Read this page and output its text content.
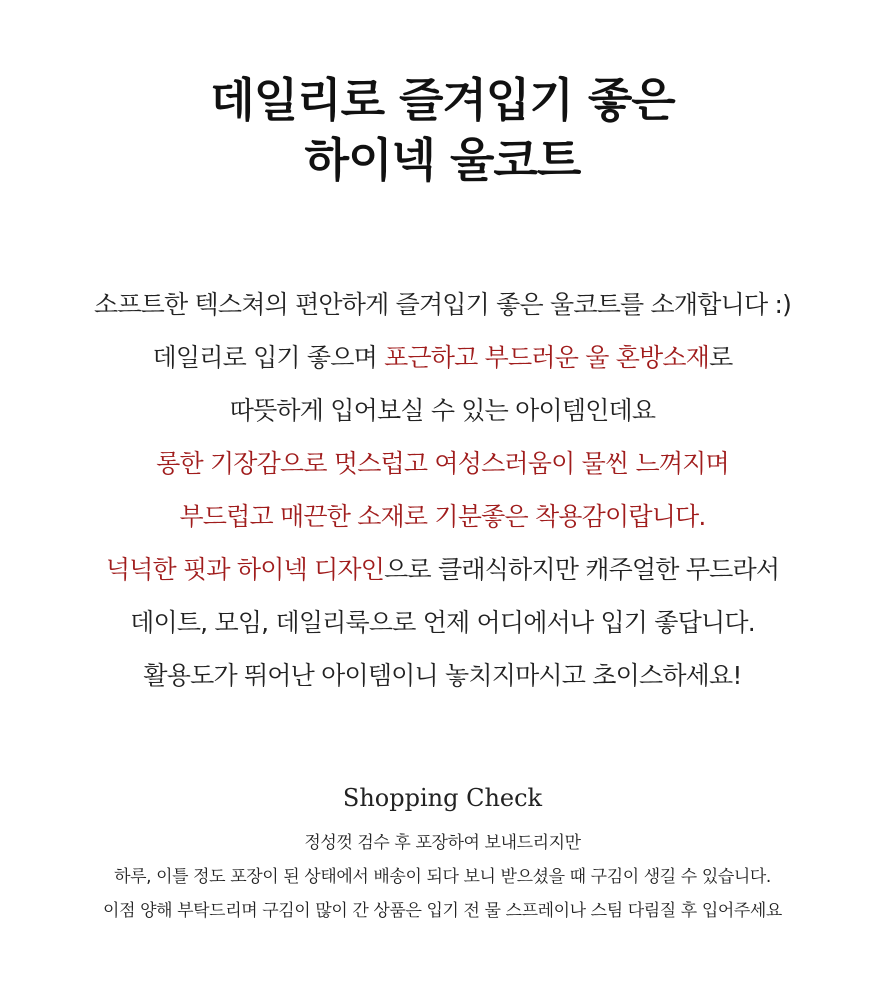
데일리로 즐겨입기 좋은
하이넥 울코트
소프트한 텍스쳐의 편안하게 즐겨입기 좋은 울코트를 소개합니다 :)
데일리로 입기 좋으며 포근하고 부드러운 울 혼방소재로
따뜻하게 입어보실 수 있는 아이템인데요
롱한 기장감으로 멋스럽고 여성스러움이 물씬 느껴지며
부드럽고 매끈한 소재로 기분좋은 착용감이랍니다.
넉넉한 핏과 하이넥 디자인으로 클래식하지만 캐주얼한 무드라서
데이트, 모임, 데일리룩으로 언제 어디에서나 입기 좋답니다.
활용도가 뛰어난 아이템이니 놓치지마시고 초이스하세요!
Shopping Check
정성껏 검수 후 포장하여 보내드리지만
하루, 이틀 정도 포장이 된 상태에서 배송이 되다 보니 받으셨을 때 구김이 생길 수 있습니다.
이점 양해 부탁드리며 구김이 많이 간 상품은 입기 전 물 스프레이나 스팀 다림질 후 입어주세요
